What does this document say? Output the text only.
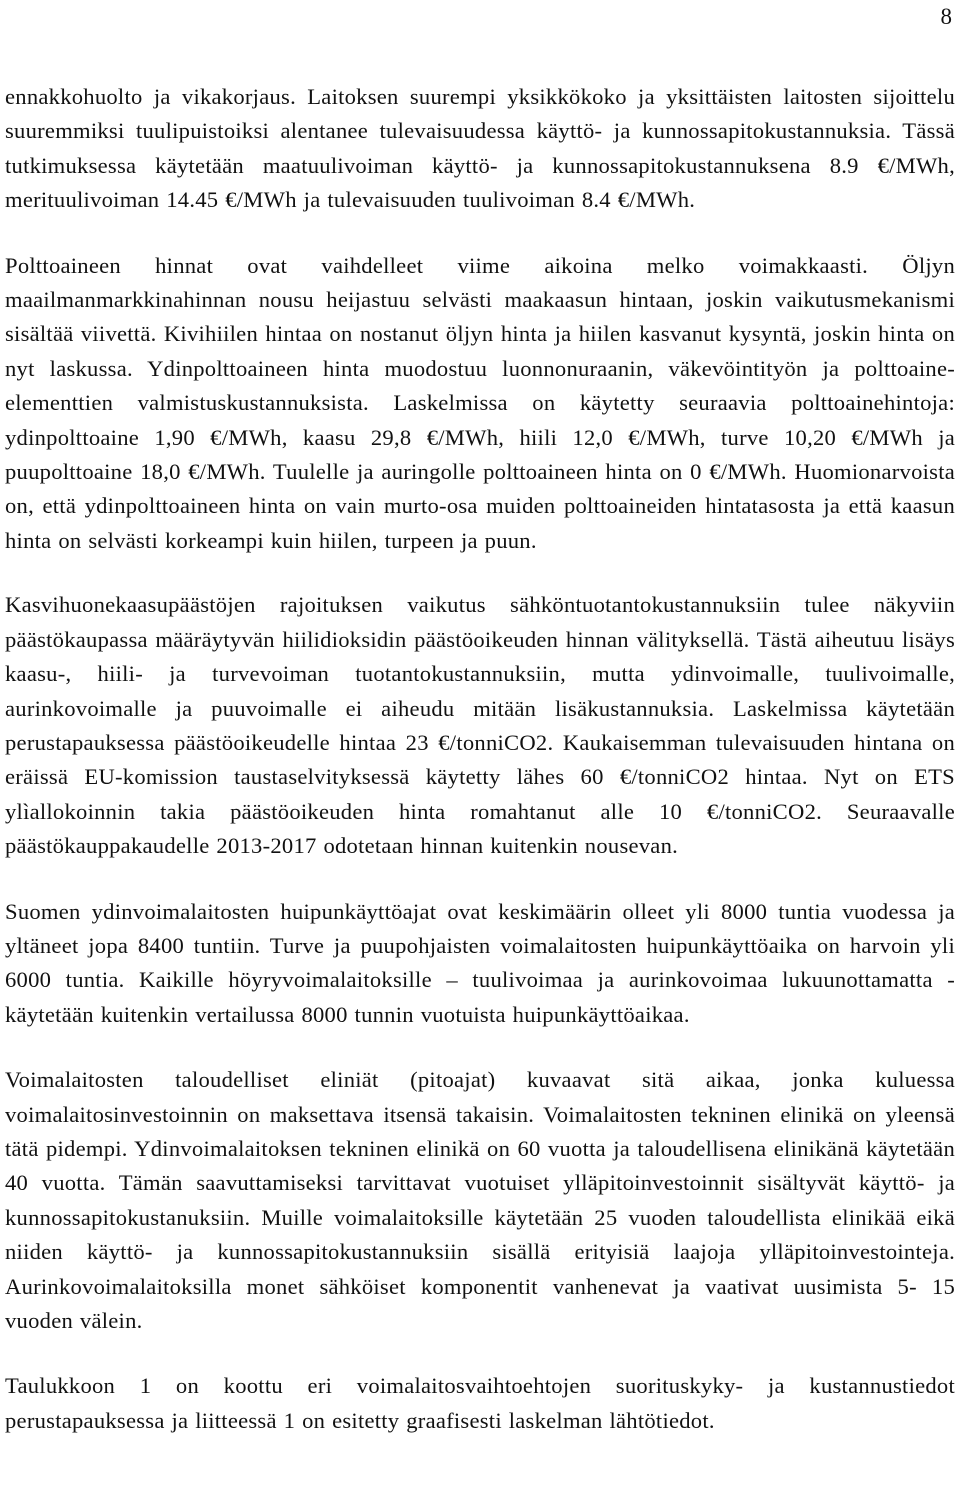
8

ennakkohuolto ja vikakorjaus. Laitoksen suurempi yksikkökoko ja yksittäisten laitosten sijoittelu suuremmiksi tuulipuistoiksi alentanee tulevaisuudessa käyttö- ja kunnossapitokustannuksia. Tässä tutkimuksessa käytetään maatuulivoiman käyttö- ja kunnossapitokustannuksena 8.9 €/MWh, merituulivoiman 14.45 €/MWh ja tulevaisuuden tuulivoiman 8.4 €/MWh.

Polttoaineen hinnat ovat vaihdelleet viime aikoina melko voimakkaasti. Öljyn maailmanmarkkinahinnan nousu heijastuu selvästi maakaasun hintaan, joskin vaikutusmekanismi sisältää viivettä. Kivihiilen hintaa on nostanut öljyn hinta ja hiilen kasvanut kysyntä, joskin hinta on nyt laskussa. Ydinpolttoaineen hinta muodostuu luonnonuraanin, väkevöintityön ja polttoaine-elementtien valmistuskustannuksista. Laskelmissa on käytetty seuraavia polttoainehintoja: ydinpolttoaine 1,90 €/MWh, kaasu 29,8 €/MWh, hiili 12,0 €/MWh, turve 10,20 €/MWh ja puupolttoaine 18,0 €/MWh. Tuulelle ja auringolle polttoaineen hinta on 0 €/MWh. Huomionarvoista on, että ydinpolttoaineen hinta on vain murto-osa muiden polttoaineiden hintatasosta ja että kaasun hinta on selvästi korkeampi kuin hiilen, turpeen ja puun.

Kasvihuonekaasupäästöjen rajoituksen vaikutus sähköntuotantokustannuksiin tulee näkyviin päästökaupassa määräytyvän hiilidioksidin päästöoikeuden hinnan välityksellä. Tästä aiheutuu lisäys kaasu-, hiili- ja turvevoiman tuotantokustannuksiin, mutta ydinvoimalle, tuulivoimalle, aurinkovoimalle ja puuvoimalle ei aiheudu mitään lisäkustannuksia. Laskelmissa käytetään perustapauksessa päästöoikeudelle hintaa 23 €/tonniCO2. Kaukaisemman tulevaisuuden hintana on eräissä EU-komission taustaselvityksessä käytetty lähes 60 €/tonniCO2 hintaa. Nyt on ETS ylìallokoinnin takia päästöoikeuden hinta romahtanut alle 10 €/tonniCO2. Seuraavalle päästökauppakaudelle 2013-2017 odotetaan hinnan kuitenkin nousevan.

Suomen ydinvoimalaitosten huipunkäyttöajat ovat keskimäärin olleet yli 8000 tuntia vuodessa ja yltäneet jopa 8400 tuntiin. Turve ja puupohjaisten voimalaitosten huipunkäyttöaika on harvoin yli 6000 tuntia. Kaikille höyryvoimalaitoksille – tuulivoimaa ja aurinkovoimaa lukuunottamatta - käytetään kuitenkin vertailussa 8000 tunnin vuotuista huipunkäyttöaikaa.

Voimalaitosten taloudelliset eliniät (pitoajat) kuvaavat sitä aikaa, jonka kuluessa voimalaitosinvestoinnin on maksettava itsensä takaisin. Voimalaitosten tekninen elinikä on yleensä tätä pidempi. Ydinvoimalaitoksen tekninen elinikä on 60 vuotta ja taloudellisena elinikänä käytetään 40 vuotta. Tämän saavuttamiseksi tarvittavat vuotuiset ylläpitoinvestoinnit sisältyvät käyttö- ja kunnossapitokustanuksiin. Muille voimalaitoksille käytetään 25 vuoden taloudellista elinikää eikä niiden käyttö- ja kunnossapitokustannuksiin sisällä erityisiä laajoja ylläpitoinvestointeja. Aurinkovoimalaitoksilla monet sähköiset komponentit vanhenevat ja vaativat uusimista 5- 15 vuoden välein.

Taulukkoon 1 on koottu eri voimalaitosvaihtoehtojen suorituskyky- ja kustannustiedot perustapauksessa ja liitteessä 1 on esitetty graafisesti laskelman lähtötiedot.
